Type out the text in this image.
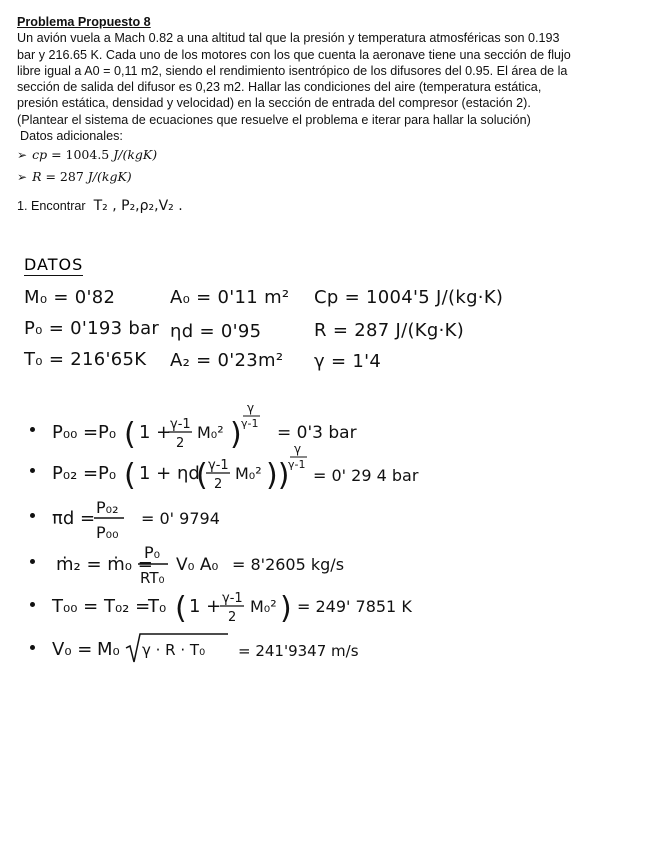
Problema Propuesto 8

Un avión vuela a Mach 0.82 a una altitud tal que la presión y temperatura atmosféricas son 0.193

bar y 216.65 K. Cada uno de los motores con los que cuenta la aeronave tiene una sección de flujo

libre igual a A0 = 0,11 m2, siendo el rendimiento isentrópico de los difusores del 0.95. El área de la

sección de salida del difusor es 0,23 m2. Hallar las condiciones del aire (temperatura estática,

presión estática, densidad y velocidad) en la sección de entrada del compresor (estación 2).

(Plantear el sistema de ecuaciones que resuelve el problema e iterar para hallar la solución)

Datos adicionales:

➢ cp = 1004.5 J/(kgK)
➢ R = 287 J/(kgK)
1. Encontrar T₂ , P₂,ρ₂,V₂ .
DATOS
M₀ = 0'82	A₀ = 0'11 m² Cp = 1004'5 J/(kg·K)
P₀ = 0'193 bar ηd = 0'95	R = 287 J/(Kg·K)
T₀ = 216'65K A₂ = 0'23m² γ = 1'4
P₀₀ = P₀ ( 1 +
γ-1
2
M₀² )
γ
γ-1 = 0'3 bar
P₀₂ = P₀ ( 1 + ηd
( γ-1
2
M₀² ))
γ
γ-1
= 0' 29 4 bar
πd =
P₀₂
P₀₀
= 0' 9794
ṁ₂ = ṁ₀ =
P₀
RT₀
V₀ A₀ = 8'2605 kg/s
T₀₀ = T₀₂ =
T₀ ( 1 + γ-1
2
M₀² ) = 249' 7851 K
V₀ = M₀ γ · R · T₀ = 241'9347 m/s
